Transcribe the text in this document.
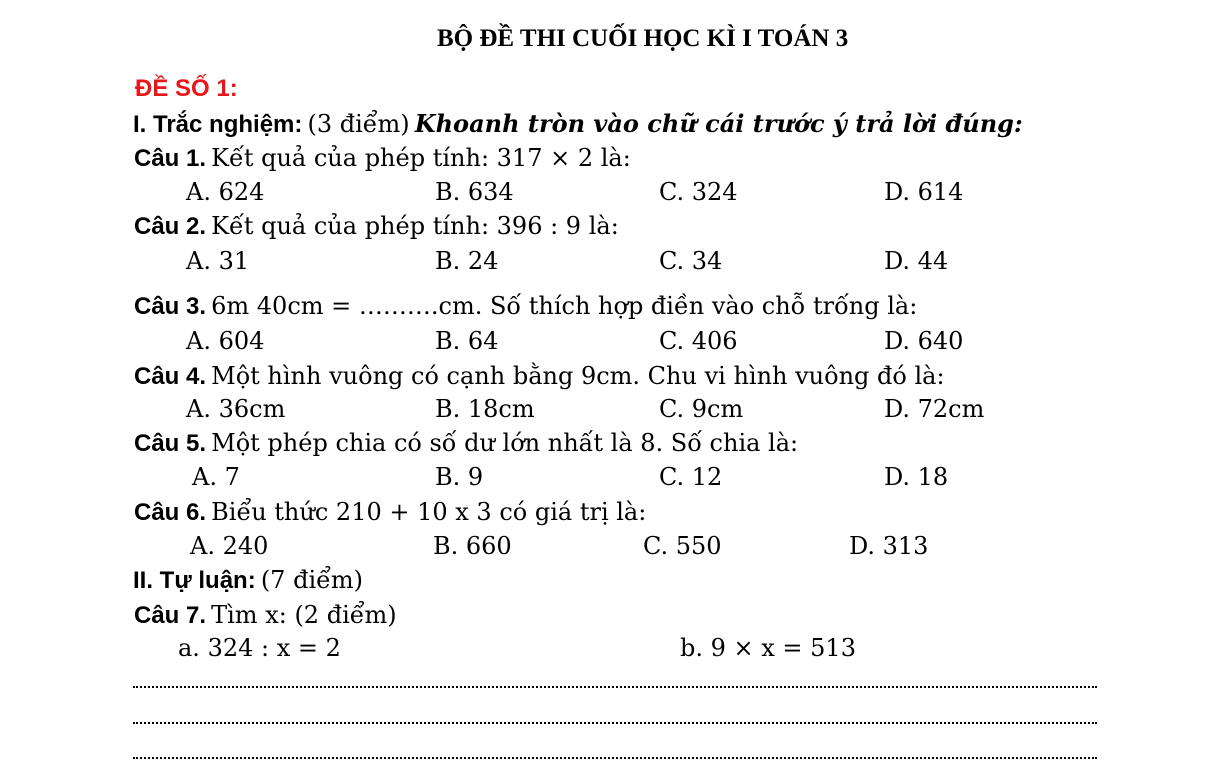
BỘ ĐỀ THI CUỐI HỌC KÌ I TOÁN 3
ĐỀ SỐ 1:
I. Trắc nghiệm: (3 điểm) Khoanh tròn vào chữ cái trước ý trả lời đúng:
Câu 1. Kết quả của phép tính: 317 × 2 là:
A. 624	B. 634	C. 324	D. 614
Câu 2. Kết quả của phép tính: 396 : 9 là:
A. 31	B. 24	C. 34	D. 44
Câu 3. 6m 40cm = ……….cm. Số thích hợp điền vào chỗ trống là:
A. 604	B. 64	C. 406	D. 640
Câu 4. Một hình vuông có cạnh bằng 9cm. Chu vi hình vuông đó là:
A. 36cm	B. 18cm	C. 9cm	D. 72cm
Câu 5. Một phép chia có số dư lớn nhất là 8. Số chia là:
A. 7	B. 9	C. 12	D. 18
Câu 6. Biểu thức 210 + 10 x 3 có giá trị là:
A. 240	B. 660	C. 550	D. 313
II. Tự luận: (7 điểm)
Câu 7. Tìm x: (2 điểm)
a. 324 : x = 2	b. 9 × x = 513
